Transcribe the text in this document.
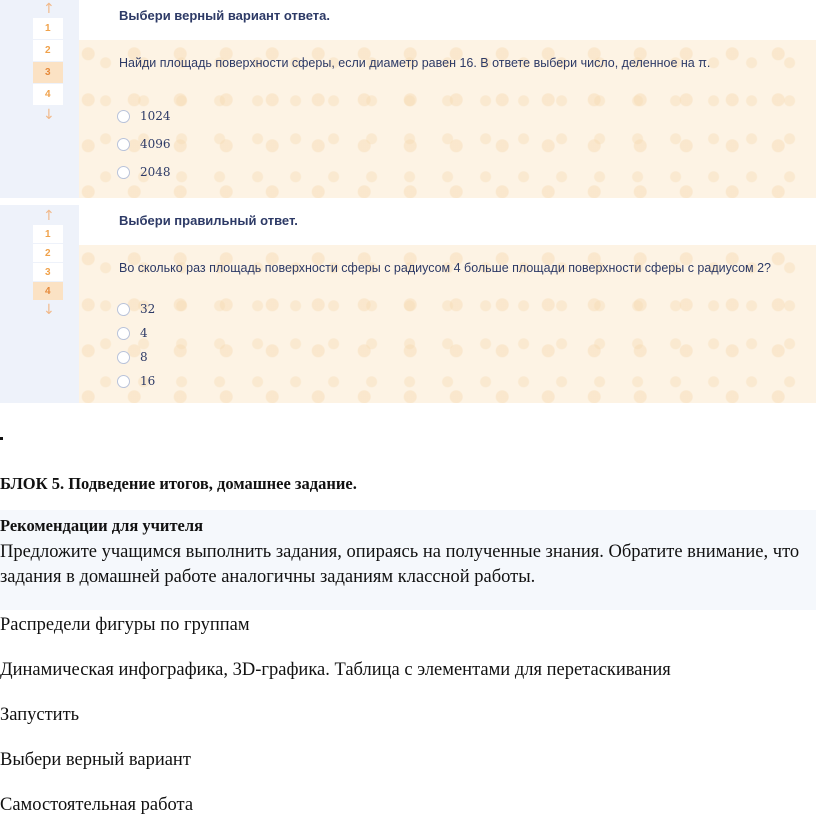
↑
1
2
3
4
↓
Выбери верный вариант ответа.
Найди площадь поверхности сферы, если диаметр равен 16. В ответе выбери число, деленное на π.
1024
4096
2048
↑
1
2
3
4
↓
Выбери правильный ответ.
Во сколько раз площадь поверхности сферы с радиусом 4 больше площади поверхности сферы с радиусом 2?
32
4
8
16
БЛОК 5. Подведение итогов, домашнее задание.
Рекомендации для учителя
Предложите учащимся выполнить задания, опираясь на полученные знания. Обратите внимание, что задания в домашней работе аналогичны заданиям классной работы.
Распредели фигуры по группам
Динамическая инфографика, 3D-графика. Таблица с элементами для перетаскивания
Запустить
Выбери верный вариант
Самостоятельная работа
